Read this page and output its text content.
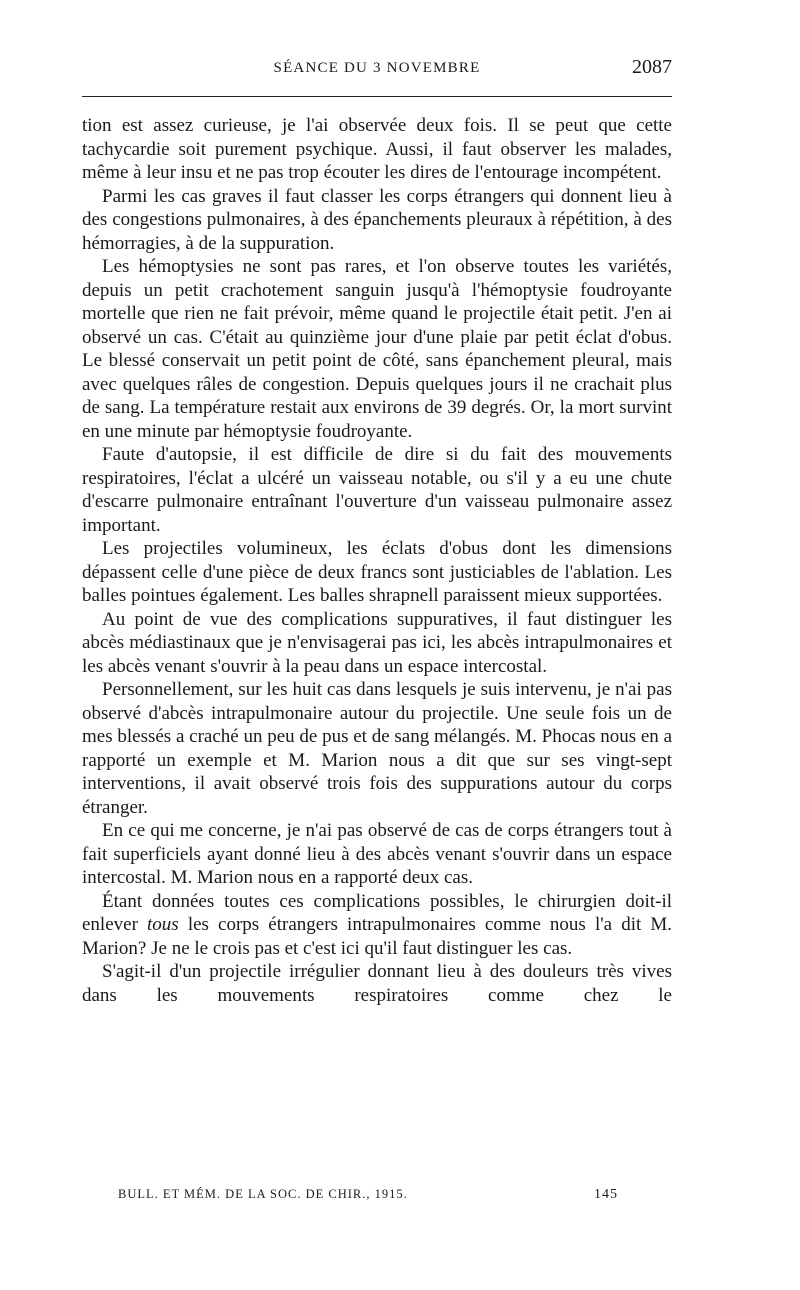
SÉANCE DU 3 NOVEMBRE	2087

tion est assez curieuse, je l'ai observée deux fois. Il se peut que cette tachycardie soit purement psychique. Aussi, il faut observer les malades, même à leur insu et ne pas trop écouter les dires de l'entourage incompétent.

Parmi les cas graves il faut classer les corps étrangers qui donnent lieu à des congestions pulmonaires, à des épanchements pleuraux à répétition, à des hémorragies, à de la suppuration.

Les hémoptysies ne sont pas rares, et l'on observe toutes les variétés, depuis un petit crachotement sanguin jusqu'à l'hémoptysie foudroyante mortelle que rien ne fait prévoir, même quand le projectile était petit. J'en ai observé un cas. C'était au quinzième jour d'une plaie par petit éclat d'obus. Le blessé conservait un petit point de côté, sans épanchement pleural, mais avec quelques râles de congestion. Depuis quelques jours il ne crachait plus de sang. La température restait aux environs de 39 degrés. Or, la mort survint en une minute par hémoptysie foudroyante.

Faute d'autopsie, il est difficile de dire si du fait des mouvements respiratoires, l'éclat a ulcéré un vaisseau notable, ou s'il y a eu une chute d'escarre pulmonaire entraînant l'ouverture d'un vaisseau pulmonaire assez important.

Les projectiles volumineux, les éclats d'obus dont les dimensions dépassent celle d'une pièce de deux francs sont justiciables de l'ablation. Les balles pointues également. Les balles shrapnell paraissent mieux supportées.

Au point de vue des complications suppuratives, il faut distinguer les abcès médiastinaux que je n'envisagerai pas ici, les abcès intrapulmonaires et les abcès venant s'ouvrir à la peau dans un espace intercostal.

Personnellement, sur les huit cas dans lesquels je suis intervenu, je n'ai pas observé d'abcès intrapulmonaire autour du projectile. Une seule fois un de mes blessés a craché un peu de pus et de sang mélangés. M. Phocas nous en a rapporté un exemple et M. Marion nous a dit que sur ses vingt-sept interventions, il avait observé trois fois des suppurations autour du corps étranger.

En ce qui me concerne, je n'ai pas observé de cas de corps étrangers tout à fait superficiels ayant donné lieu à des abcès venant s'ouvrir dans un espace intercostal. M. Marion nous en a rapporté deux cas.

Étant données toutes ces complications possibles, le chirurgien doit-il enlever tous les corps étrangers intrapulmonaires comme nous l'a dit M. Marion? Je ne le crois pas et c'est ici qu'il faut distinguer les cas.

S'agit-il d'un projectile irrégulier donnant lieu à des douleurs très vives dans les mouvements respiratoires comme chez le

BULL. ET MÉM. DE LA SOC. DE CHIR., 1915.	145
